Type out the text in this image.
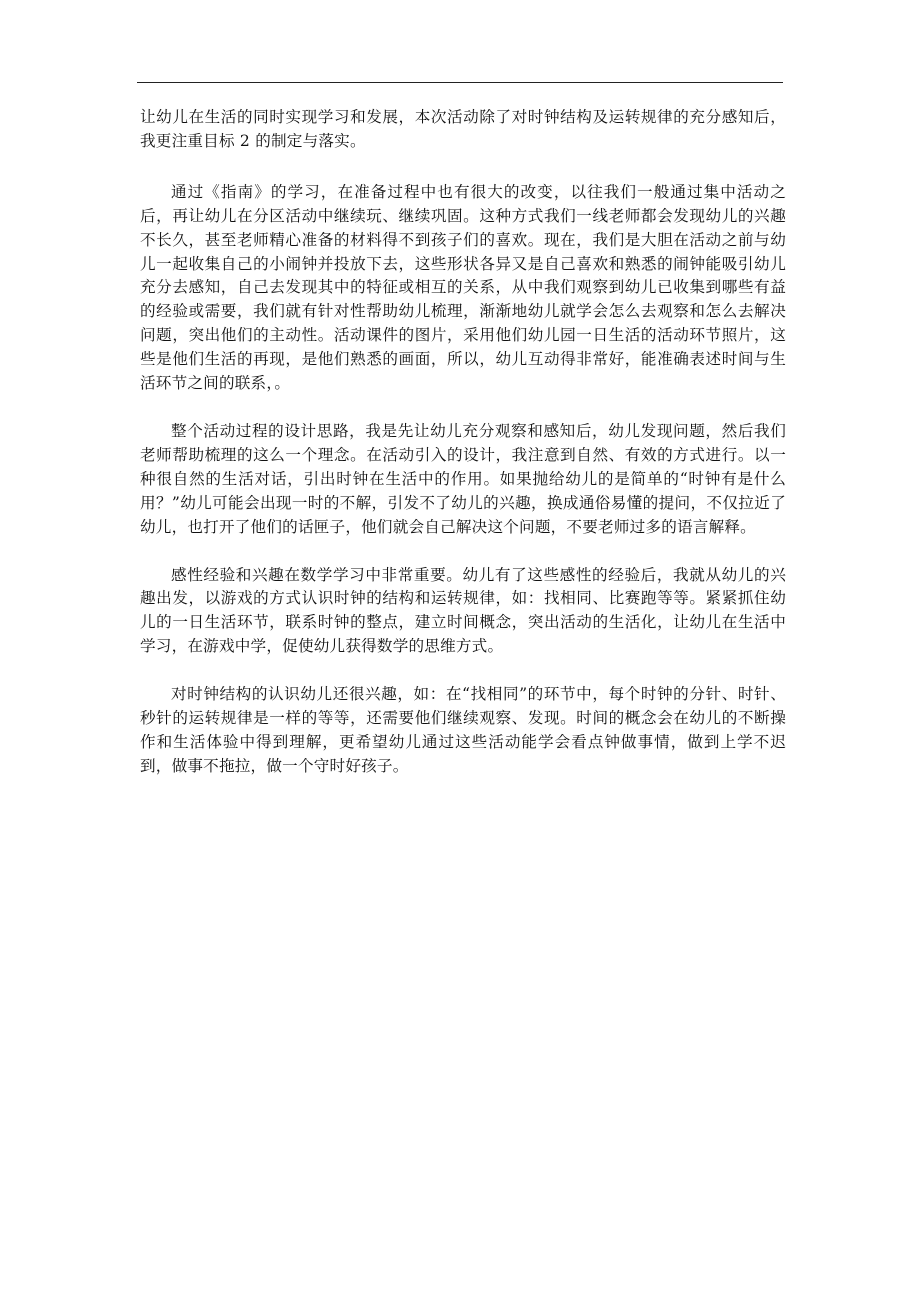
让幼儿在生活的同时实现学习和发展，本次活动除了对时钟结构及运转规律的充分感知后，我更注重目标 2 的制定与落实。

通过《指南》的学习，在准备过程中也有很大的改变，以往我们一般通过集中活动之后，再让幼儿在分区活动中继续玩、继续巩固。这种方式我们一线老师都会发现幼儿的兴趣不长久，甚至老师精心准备的材料得不到孩子们的喜欢。现在，我们是大胆在活动之前与幼儿一起收集自己的小闹钟并投放下去，这些形状各异又是自己喜欢和熟悉的闹钟能吸引幼儿充分去感知，自己去发现其中的特征或相互的关系，从中我们观察到幼儿已收集到哪些有益的经验或需要，我们就有针对性帮助幼儿梳理，渐渐地幼儿就学会怎么去观察和怎么去解决问题，突出他们的主动性。活动课件的图片，采用他们幼儿园一日生活的活动环节照片，这些是他们生活的再现，是他们熟悉的画面，所以，幼儿互动得非常好，能准确表述时间与生活环节之间的联系，。

整个活动过程的设计思路，我是先让幼儿充分观察和感知后，幼儿发现问题，然后我们老师帮助梳理的这么一个理念。在活动引入的设计，我注意到自然、有效的方式进行。以一种很自然的生活对话，引出时钟在生活中的作用。如果抛给幼儿的是简单的“时钟有是什么用？”幼儿可能会出现一时的不解，引发不了幼儿的兴趣，换成通俗易懂的提问，不仅拉近了幼儿，也打开了他们的话匣子，他们就会自己解决这个问题，不要老师过多的语言解释。

感性经验和兴趣在数学学习中非常重要。幼儿有了这些感性的经验后，我就从幼儿的兴趣出发，以游戏的方式认识时钟的结构和运转规律，如：找相同、比赛跑等等。紧紧抓住幼儿的一日生活环节，联系时钟的整点，建立时间概念，突出活动的生活化，让幼儿在生活中学习，在游戏中学，促使幼儿获得数学的思维方式。

对时钟结构的认识幼儿还很兴趣，如：在“找相同”的环节中，每个时钟的分针、时针、秒针的运转规律是一样的等等，还需要他们继续观察、发现。时间的概念会在幼儿的不断操作和生活体验中得到理解，更希望幼儿通过这些活动能学会看点钟做事情，做到上学不迟到，做事不拖拉，做一个守时好孩子。
